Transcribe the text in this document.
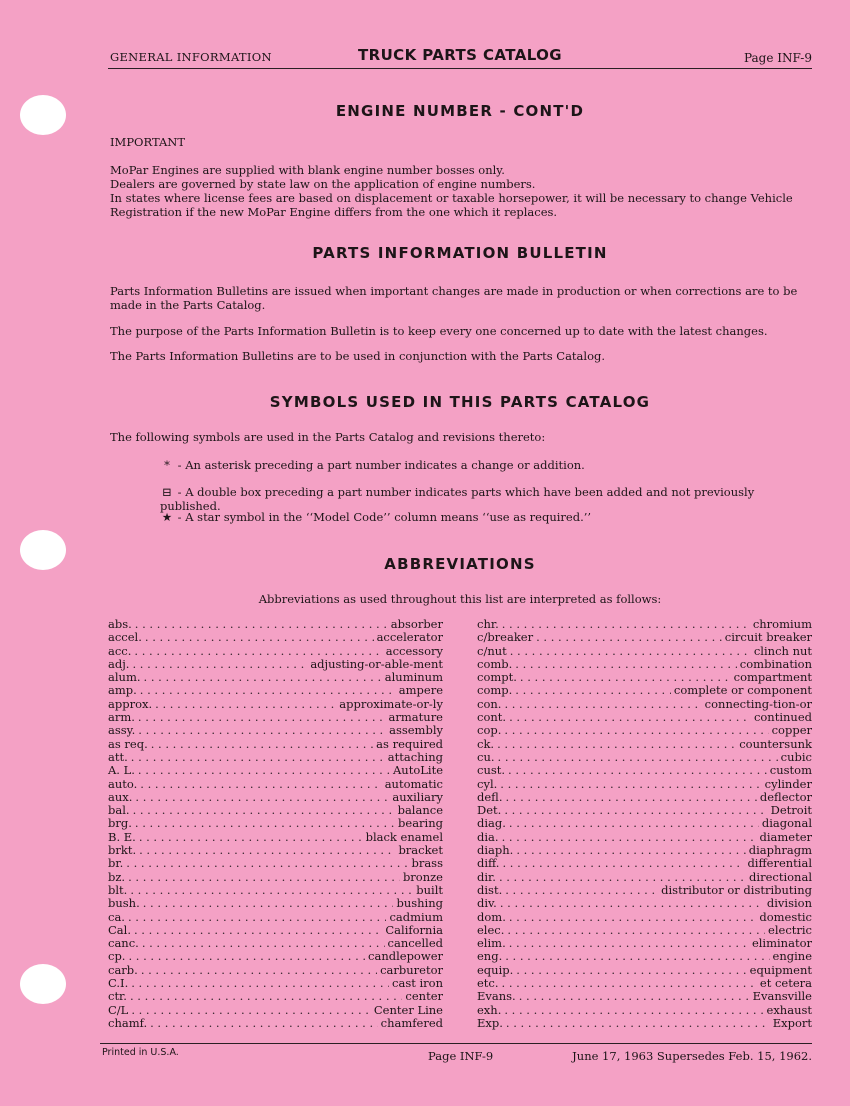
GENERAL INFORMATION	TRUCK PARTS CATALOG	Page INF-9
ENGINE NUMBER - CONT'D
IMPORTANT
MoPar Engines are supplied with blank engine number bosses only.
Dealers are governed by state law on the application of engine numbers.
In states where license fees are based on displacement or taxable horsepower, it will be necessary to change Vehicle Registration if the new MoPar Engine differs from the one which it replaces.
PARTS INFORMATION BULLETIN
Parts Information Bulletins are issued when important changes are made in production or when corrections are to be made in the Parts Catalog.
The purpose of the Parts Information Bulletin is to keep every one concerned up to date with the latest changes.
The Parts Information Bulletins are to be used in conjunction with the Parts Catalog.
SYMBOLS USED IN THIS PARTS CATALOG
The following symbols are used in the Parts Catalog and revisions thereto:
* - An asterisk preceding a part number indicates a change or addition.
⊟ - A double box preceding a part number indicates parts which have been added and not previously published.
★ - A star symbol in the ‘‘Model Code’’ column means ‘‘use as required.’’
ABBREVIATIONS
Abbreviations as used throughout this list are interpreted as follows:
abs. . . .	absorber
accel. . . .	accelerator
acc. . . .	accessory
adj. . . .	adjusting-or-able-ment
alum. . . .	aluminum
amp. . . .	ampere
approx. . . .	approximate-or-ly
arm. . . .	armature
assy. . . .	assembly
as req. . . .	as required
att. . . .	attaching
A. L. . . .	AutoLite
auto. . . .	automatic
aux. . . .	auxiliary
bal. . . .	balance
brg. . . .	bearing
B. E. . . .	black enamel
brkt. . . .	bracket
br. . . .	brass
bz. . . .	bronze
blt. . . .	built
bush. . . .	bushing
ca. . . .	cadmium
Cal. . . .	California
canc. . . .	cancelled
cp. . . .	candlepower
carb. . . .	carburetor
C.I. . . .	cast iron
ctr. . . .	center
C/L . . .	Center Line
chamf. . . .	chamfered
chr. . . .	chromium
c/breaker . . .	circuit breaker
c/nut . . .	clinch nut
comb. . . .	combination
compt. . . .	compartment
comp. . . .	complete or component
con. . . .	connecting-tion-or
cont. . . .	continued
cop. . . .	copper
ck. . . .	countersunk
cu. . . .	cubic
cust. . . .	custom
cyl. . . .	cylinder
defl. . . .	deflector
Det. . . .	Detroit
diag. . . .	diagonal
dia. . . .	diameter
diaph. . . .	diaphragm
diff. . . .	differential
dir. . . .	directional
dist. . . .	distributor or distributing
div. . . .	division
dom. . . .	domestic
elec. . . .	electric
elim. . . .	eliminator
eng. . . .	engine
equip. . . .	equipment
etc. . . .	et cetera
Evans. . . .	Evansville
exh. . . .	exhaust
Exp. . . .	Export
Printed in U.S.A.	Page INF-9	June 17, 1963 Supersedes Feb. 15, 1962.
